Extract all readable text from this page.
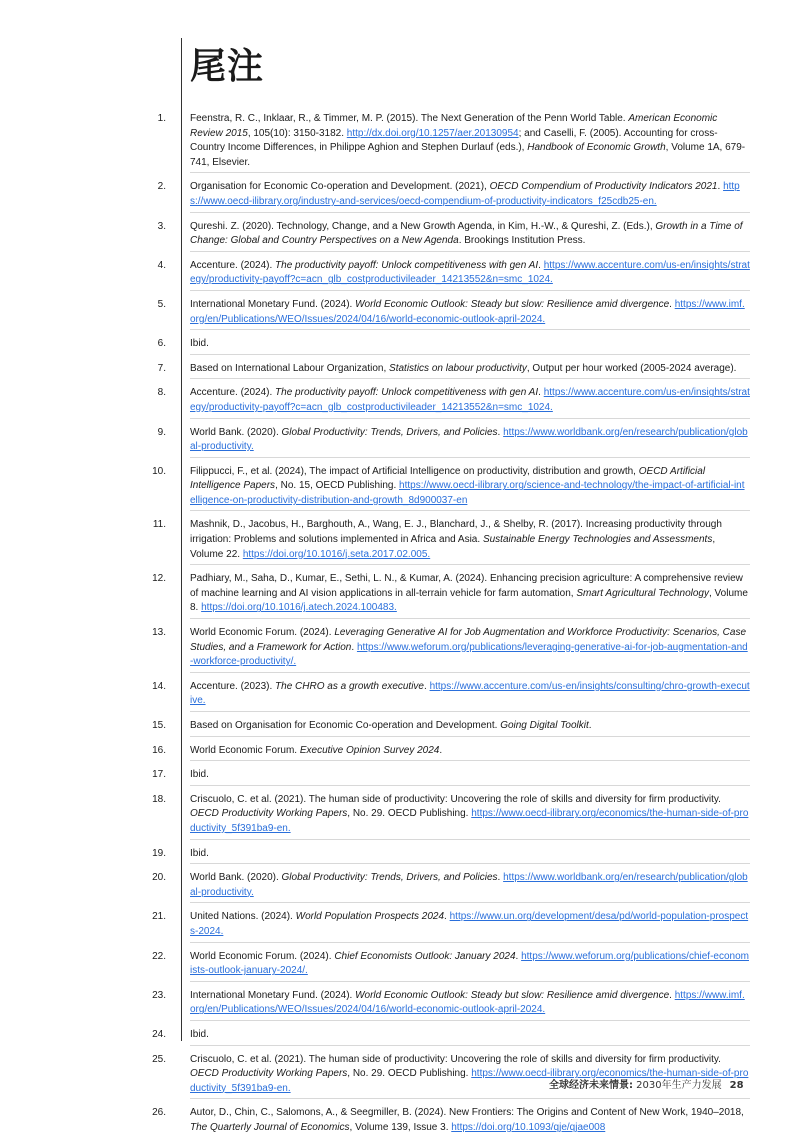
尾注
1. Feenstra, R. C., Inklaar, R., & Timmer, M. P. (2015). The Next Generation of the Penn World Table. American Economic Review 2015, 105(10): 3150-3182. http://dx.doi.org/10.1257/aer.20130954; and Caselli, F. (2005). Accounting for cross-Country Income Differences, in Philippe Aghion and Stephen Durlauf (eds.), Handbook of Economic Growth, Volume 1A, 679-741, Elsevier.
2. Organisation for Economic Co-operation and Development. (2021), OECD Compendium of Productivity Indicators 2021. https://www.oecd-ilibrary.org/industry-and-services/oecd-compendium-of-productivity-indicators_f25cdb25-en.
3. Qureshi. Z. (2020). Technology, Change, and a New Growth Agenda, in Kim, H.-W., & Qureshi, Z. (Eds.), Growth in a Time of Change: Global and Country Perspectives on a New Agenda. Brookings Institution Press.
4. Accenture. (2024). The productivity payoff: Unlock competitiveness with gen AI. https://www.accenture.com/us-en/insights/strategy/productivity-payoff?c=acn_glb_costproductivileader_14213552&n=smc_1024.
5. International Monetary Fund. (2024). World Economic Outlook: Steady but slow: Resilience amid divergence. https://www.imf.org/en/Publications/WEO/Issues/2024/04/16/world-economic-outlook-april-2024.
6. Ibid.
7. Based on International Labour Organization, Statistics on labour productivity, Output per hour worked (2005-2024 average).
8. Accenture. (2024). The productivity payoff: Unlock competitiveness with gen AI. https://www.accenture.com/us-en/insights/strategy/productivity-payoff?c=acn_glb_costproductivileader_14213552&n=smc_1024.
9. World Bank. (2020). Global Productivity: Trends, Drivers, and Policies. https://www.worldbank.org/en/research/publication/global-productivity.
10. Filippucci, F., et al. (2024), The impact of Artificial Intelligence on productivity, distribution and growth, OECD Artificial Intelligence Papers, No. 15, OECD Publishing. https://www.oecd-ilibrary.org/science-and-technology/the-impact-of-artificial-intelligence-on-productivity-distribution-and-growth_8d900037-en
11. Mashnik, D., Jacobus, H., Barghouth, A., Wang, E. J., Blanchard, J., & Shelby, R. (2017). Increasing productivity through irrigation: Problems and solutions implemented in Africa and Asia. Sustainable Energy Technologies and Assessments, Volume 22. https://doi.org/10.1016/j.seta.2017.02.005.
12. Padhiary, M., Saha, D., Kumar, E., Sethi, L. N., & Kumar, A. (2024). Enhancing precision agriculture: A comprehensive review of machine learning and AI vision applications in all-terrain vehicle for farm automation, Smart Agricultural Technology, Volume 8. https://doi.org/10.1016/j.atech.2024.100483.
13. World Economic Forum. (2024). Leveraging Generative AI for Job Augmentation and Workforce Productivity: Scenarios, Case Studies, and a Framework for Action. https://www.weforum.org/publications/leveraging-generative-ai-for-job-augmentation-and-workforce-productivity/.
14. Accenture. (2023). The CHRO as a growth executive. https://www.accenture.com/us-en/insights/consulting/chro-growth-executive.
15. Based on Organisation for Economic Co-operation and Development. Going Digital Toolkit.
16. World Economic Forum. Executive Opinion Survey 2024.
17. Ibid.
18. Criscuolo, C. et al. (2021). The human side of productivity: Uncovering the role of skills and diversity for firm productivity. OECD Productivity Working Papers, No. 29. OECD Publishing. https://www.oecd-ilibrary.org/economics/the-human-side-of-productivity_5f391ba9-en.
19. Ibid.
20. World Bank. (2020). Global Productivity: Trends, Drivers, and Policies. https://www.worldbank.org/en/research/publication/global-productivity.
21. United Nations. (2024). World Population Prospects 2024. https://www.un.org/development/desa/pd/world-population-prospects-2024.
22. World Economic Forum. (2024). Chief Economists Outlook: January 2024. https://www.weforum.org/publications/chief-economists-outlook-january-2024/.
23. International Monetary Fund. (2024). World Economic Outlook: Steady but slow: Resilience amid divergence. https://www.imf.org/en/Publications/WEO/Issues/2024/04/16/world-economic-outlook-april-2024.
24. Ibid.
25. Criscuolo, C. et al. (2021). The human side of productivity: Uncovering the role of skills and diversity for firm productivity. OECD Productivity Working Papers, No. 29. OECD Publishing. https://www.oecd-ilibrary.org/economics/the-human-side-of-productivity_5f391ba9-en.
26. Autor, D., Chin, C., Salomons, A., & Seegmiller, B. (2024). New Frontiers: The Origins and Content of New Work, 1940–2018, The Quarterly Journal of Economics, Volume 139, Issue 3. https://doi.org/10.1093/qje/qjae008
全球经济未来情景: 2030年生产力发展 28
